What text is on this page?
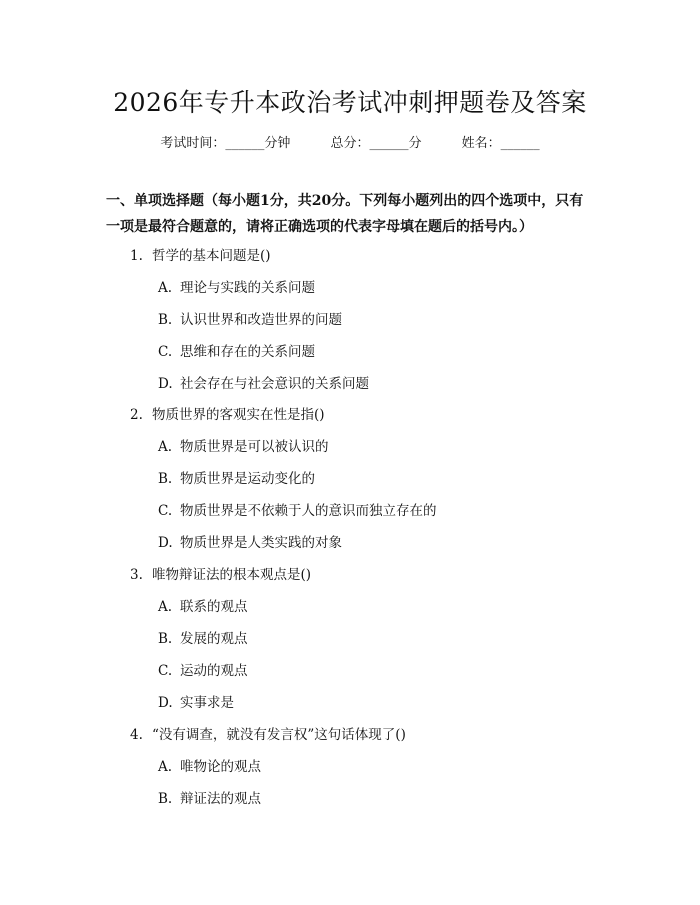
2026年专升本政治考试冲刺押题卷及答案
考试时间：______分钟	总分：______分	姓名：______
一、单项选择题（每小题1分，共20分。下列每小题列出的四个选项中，只有一项是最符合题意的，请将正确选项的代表字母填在题后的括号内。）
1. 哲学的基本问题是()
A. 理论与实践的关系问题
B. 认识世界和改造世界的问题
C. 思维和存在的关系问题
D. 社会存在与社会意识的关系问题
2. 物质世界的客观实在性是指()
A. 物质世界是可以被认识的
B. 物质世界是运动变化的
C. 物质世界是不依赖于人的意识而独立存在的
D. 物质世界是人类实践的对象
3. 唯物辩证法的根本观点是()
A. 联系的观点
B. 发展的观点
C. 运动的观点
D. 实事求是
4. “没有调查，就没有发言权”这句话体现了()
A. 唯物论的观点
B. 辩证法的观点
